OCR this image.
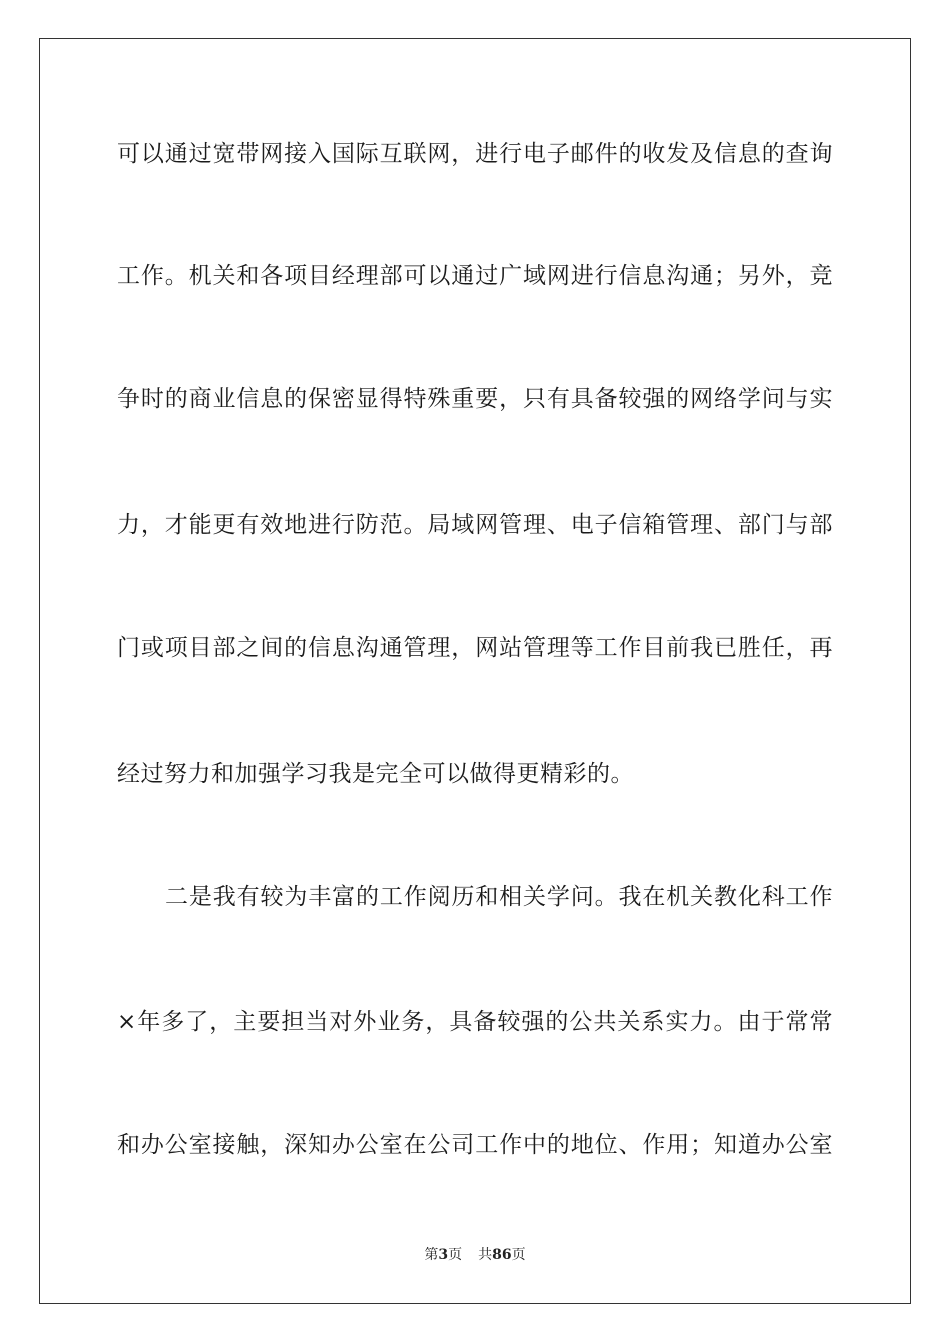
可以通过宽带网接入国际互联网，进行电子邮件的收发及信息的查询
工作。机关和各项目经理部可以通过广域网进行信息沟通；另外，竞
争时的商业信息的保密显得特殊重要，只有具备较强的网络学问与实
力，才能更有效地进行防范。局域网管理、电子信箱管理、部门与部
门或项目部之间的信息沟通管理，网站管理等工作目前我已胜任，再
经过努力和加强学习我是完全可以做得更精彩的。
二是我有较为丰富的工作阅历和相关学问。我在机关教化科工作
×年多了，主要担当对外业务，具备较强的公共关系实力。由于常常
和办公室接触，深知办公室在公司工作中的地位、作用；知道办公室
第3页 共86页
